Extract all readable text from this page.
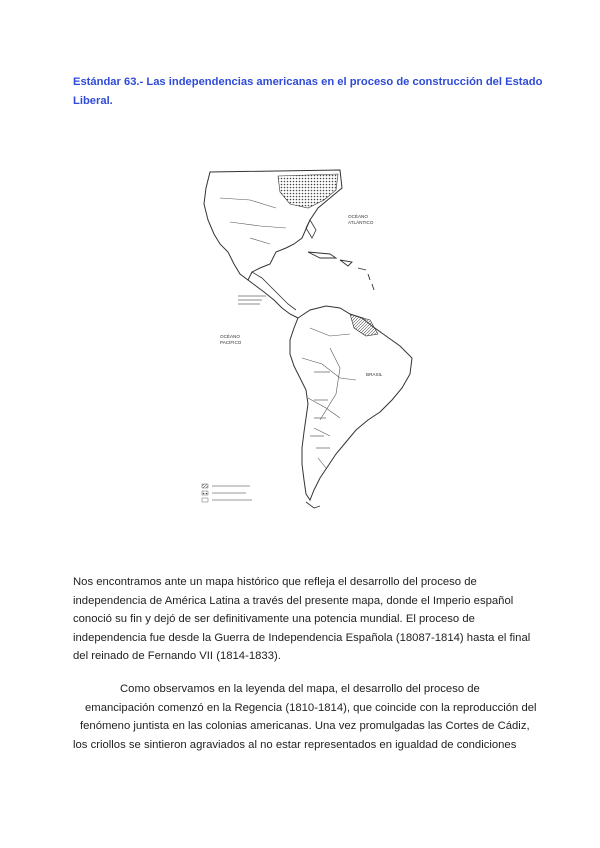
Estándar 63.- Las independencias americanas en el proceso de construcción del Estado
Liberal.

OCÉANO
PACÍFICO
OCÉANO
ATLÁNTICO
BRASIL

Nos encontramos ante un mapa histórico que refleja el desarrollo del proceso de
independencia de América Latina a través del presente mapa, donde el Imperio español
conoció su fin y dejó de ser definitivamente una potencia mundial. El proceso de
independencia fue desde la Guerra de Independencia Española (18087-1814) hasta el final
del reinado de Fernando VII (1814-1833).

Como observamos en la leyenda del mapa, el desarrollo del proceso de
emancipación comenzó en la Regencia (1810-1814), que coincide con la reproducción del
fenómeno juntista en las colonias americanas. Una vez promulgadas las Cortes de Cádiz,
los criollos se sintieron agraviados al no estar representados en igualdad de condiciones
